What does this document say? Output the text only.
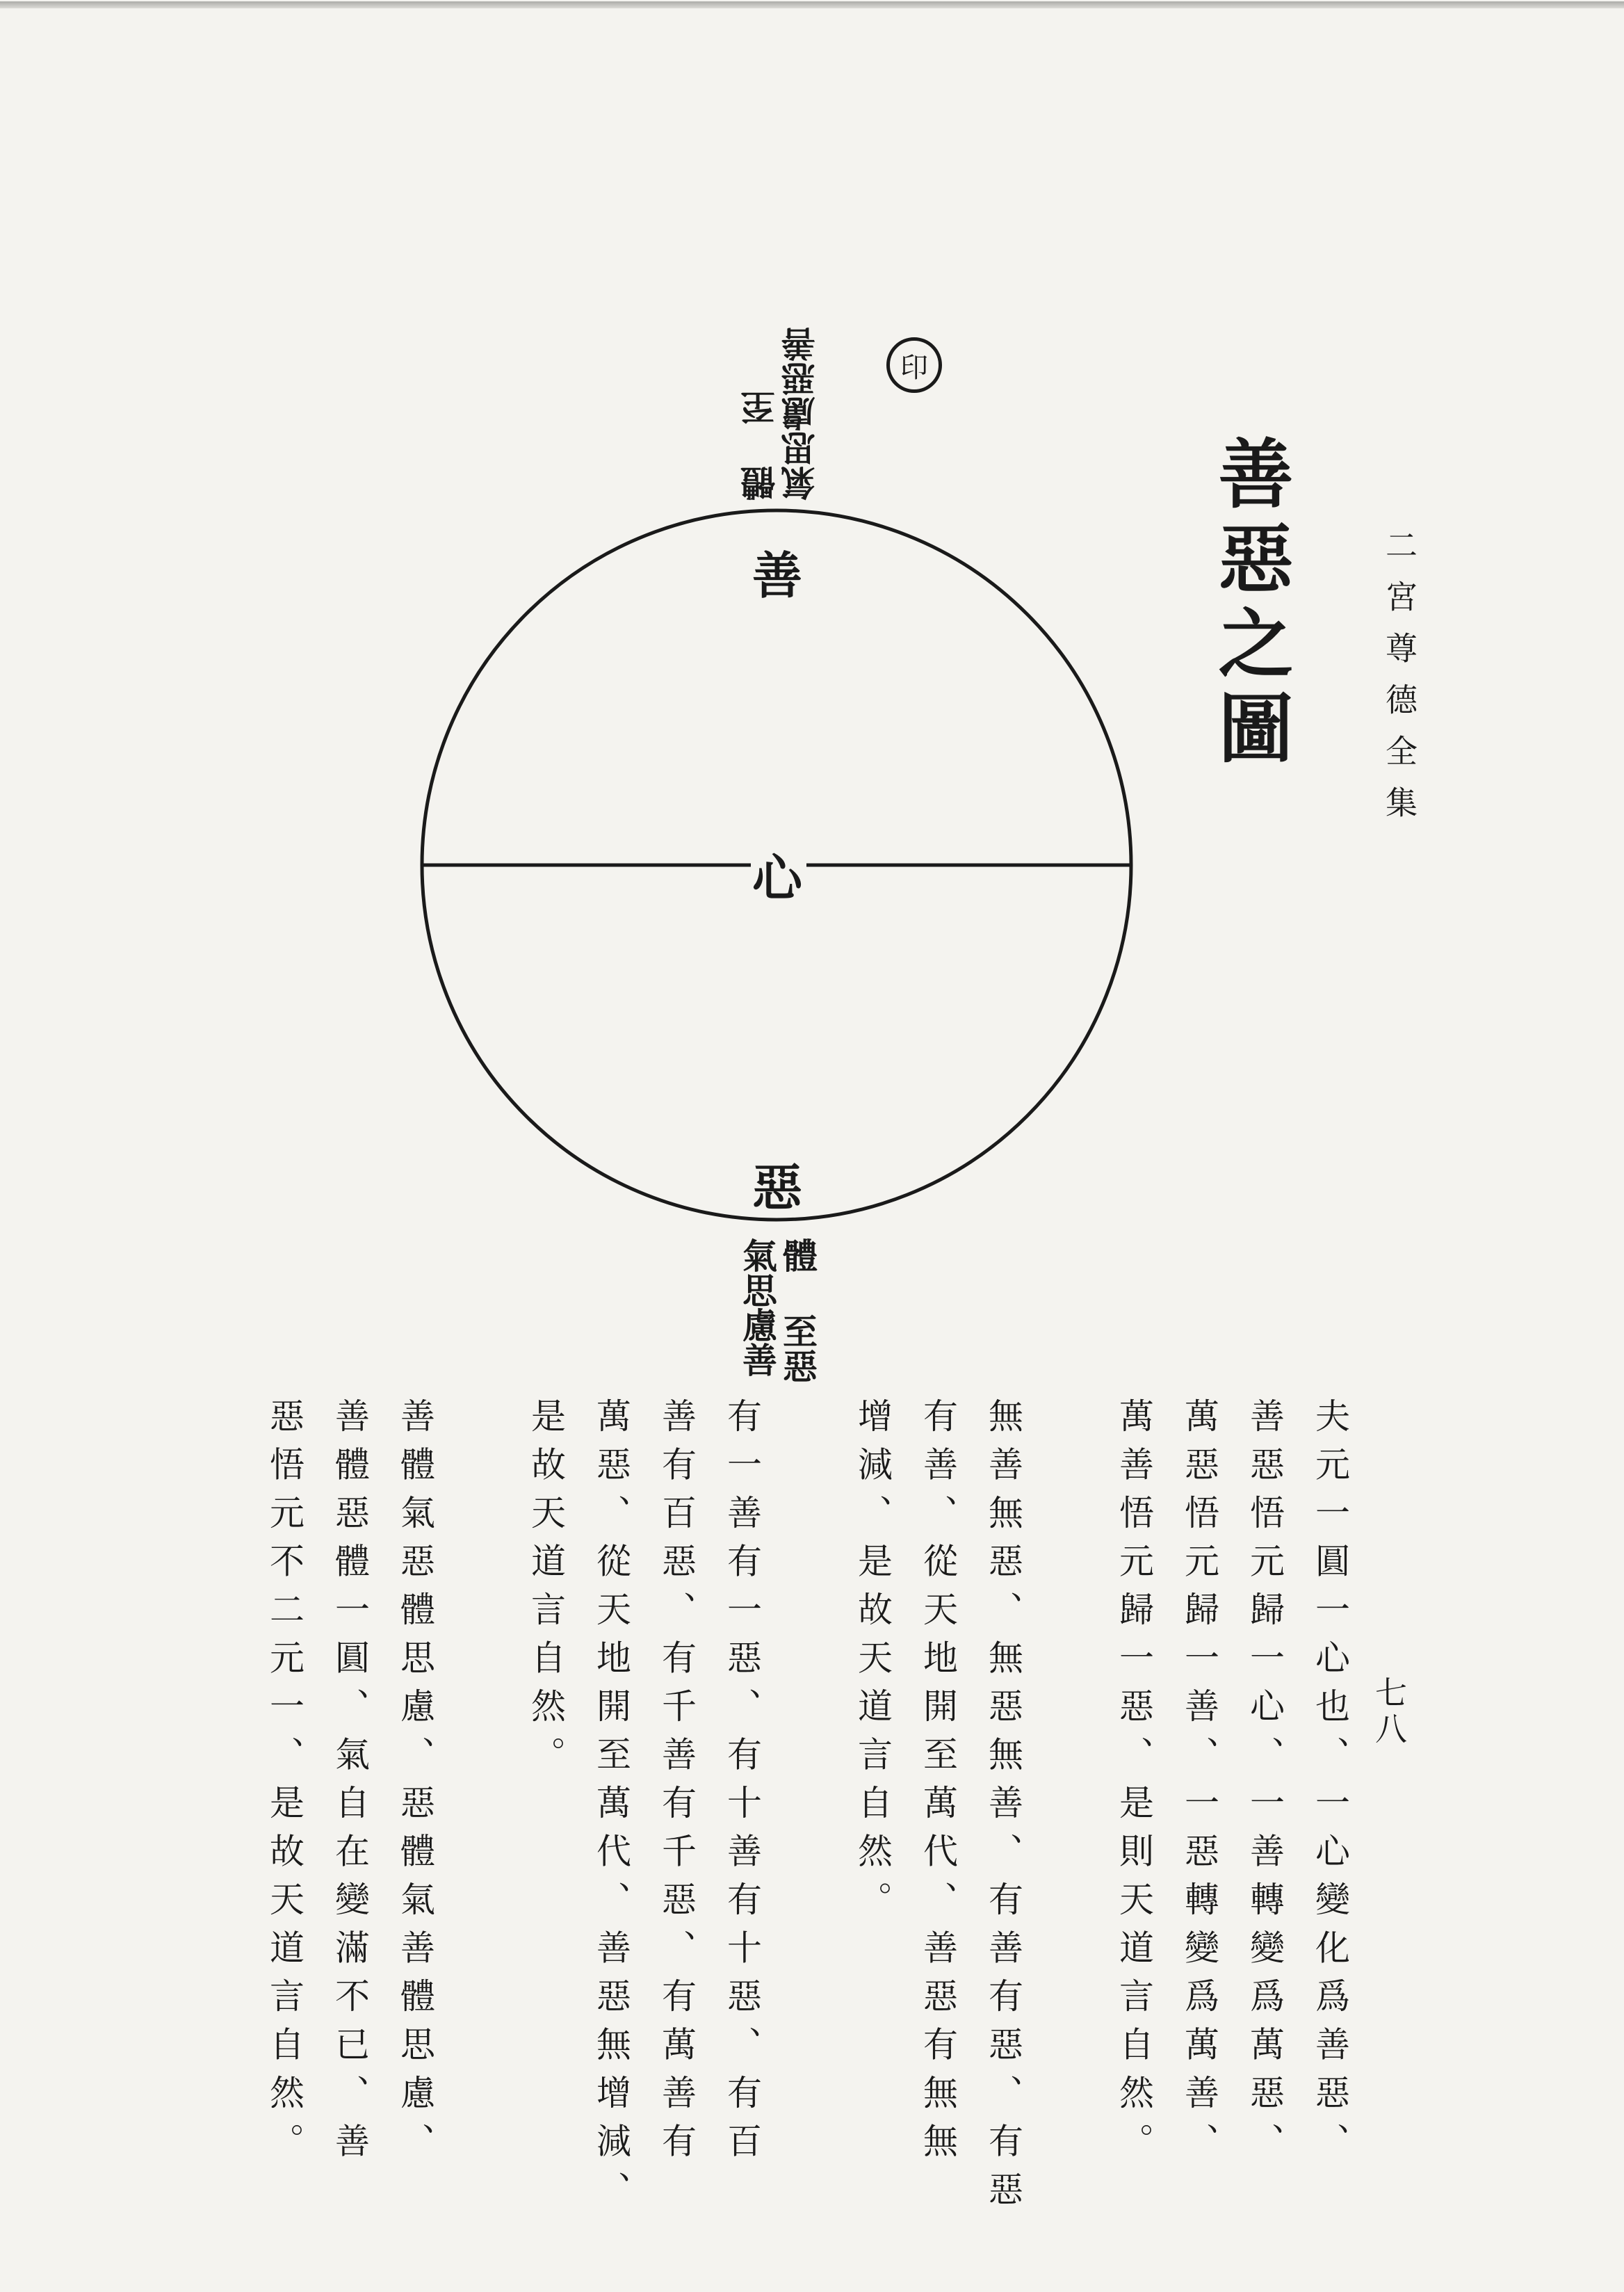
二宮尊德全集
七八
善惡之圖
印
善
心
惡
體 至
氣思慮惡善
體 至惡
氣思慮善
夫元一圓一心也、一心變化爲善惡、
善惡悟元歸一心、一善轉變爲萬惡、
萬惡悟元歸一善、一惡轉變爲萬善、
萬善悟元歸一惡、是則天道言自然。
無善無惡、無惡無善、有善有惡、有惡
有善、從天地開至萬代、善惡有無無
增減、是故天道言自然。
有一善有一惡、有十善有十惡、有百
善有百惡、有千善有千惡、有萬善有
萬惡、從天地開至萬代、善惡無增減、
是故天道言自然。
善體氣惡體思慮、惡體氣善體思慮、
善體惡體一圓、氣自在變滿不已、善
惡悟元不二元一、是故天道言自然。
